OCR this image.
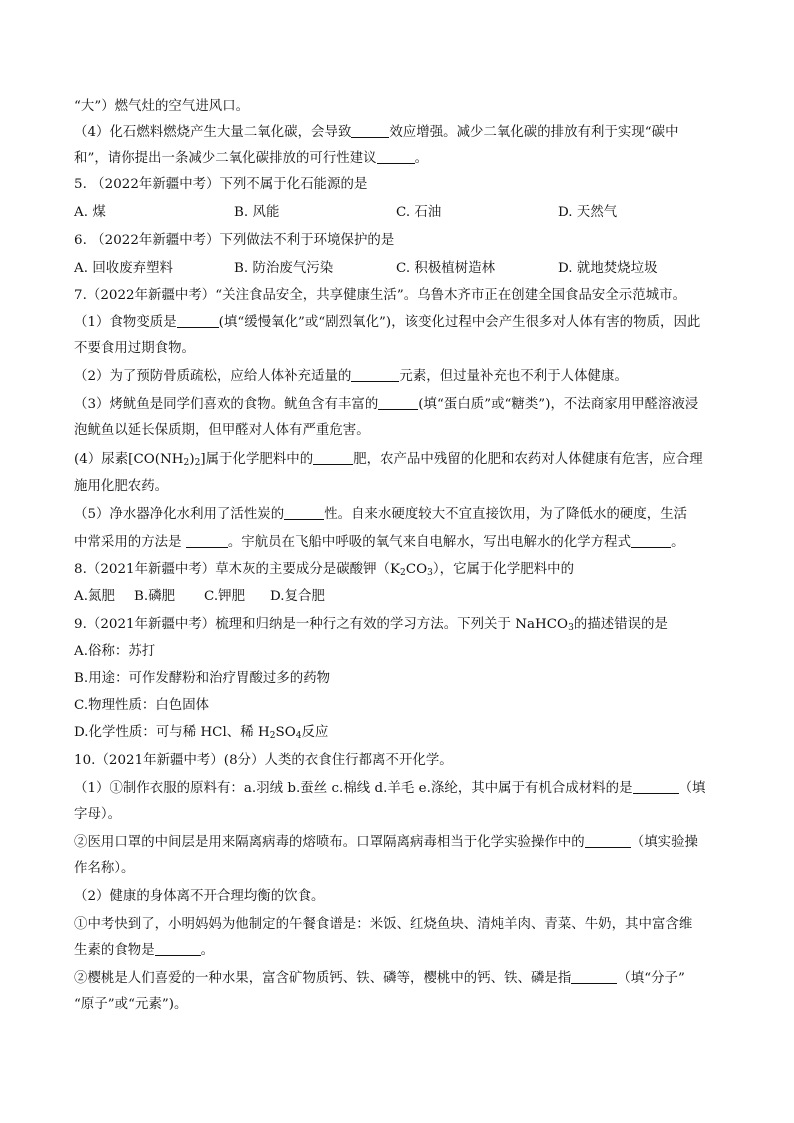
“大”）燃气灶的空气进风口。
（4）化石燃料燃烧产生大量二氧化碳，会导致	效应增强。减少二氧化碳的排放有利于实现“碳中
和”，请你提出一条减少二氧化碳排放的可行性建议	。
5. （2022年新疆中考）下列不属于化石能源的是
A. 煤	B. 风能	C. 石油	D. 天然气
6. （2022年新疆中考）下列做法不利于环境保护的是
A. 回收废弃塑料	B. 防治废气污染	C. 积极植树造林	D. 就地焚烧垃圾
7.（2022年新疆中考）“关注食品安全，共享健康生活”。乌鲁木齐市正在创建全国食品安全示范城市。
（1）食物变质是	(填“缓慢氧化”或“剧烈氧化”)，该变化过程中会产生很多对人体有害的物质，因此
不要食用过期食物。
（2）为了预防骨质疏松，应给人体补充适量的	元素，但过量补充也不利于人体健康。
（3）烤鱿鱼是同学们喜欢的食物。鱿鱼含有丰富的	(填“蛋白质”或“糖类”)，不法商家用甲醛溶液浸
泡鱿鱼以延长保质期，但甲醛对人体有严重危害。
(4）尿素$[CO(NH_2)_2]$属于化学肥料中的	肥，农产品中残留的化肥和农药对人体健康有危害，应合理
施用化肥农药。
（5）净水器净化水利用了活性炭的	性。自来水硬度较大不宜直接饮用，为了降低水的硬度，生活
中常采用的方法是	。宇航员在飞船中呼吸的氧气来自电解水，写出电解水的化学方程式	。
8.（2021年新疆中考）草木灰的主要成分是碳酸钾$(K_2CO_3)$，它属于化学肥料中的
A.氮肥 B.磷肥 C.钾肥 D.复合肥
9.（2021年新疆中考）梳理和归纳是一种行之有效的学习方法。下列关于 NaHCO$_3$的描述错误的是
A.俗称：苏打
B.用途：可作发酵粉和治疗胃酸过多的药物
C.物理性质：白色固体
D.化学性质：可与稀 HCl、稀 $H_2SO_4$反应
10.（2021年新疆中考）(8分）人类的衣食住行都离不开化学。
（1）①制作衣服的原料有：a.羽绒 b.蚕丝 c.棉线 d.羊毛 e.涤纶，其中属于有机合成材料的是	（填
字母）。
②医用口罩的中间层是用来隔离病毒的熔喷布。口罩隔离病毒相当于化学实验操作中的	（填实验操
作名称）。
（2）健康的身体离不开合理均衡的饮食。
①中考快到了，小明妈妈为他制定的午餐食谱是：米饭、红烧鱼块、清炖羊肉、青菜、牛奶，其中富含维
生素的食物是	。
②樱桃是人们喜爱的一种水果，富含矿物质钙、铁、磷等，樱桃中的钙、铁、磷是指	（填“分子”
“原子”或“元素”)。
